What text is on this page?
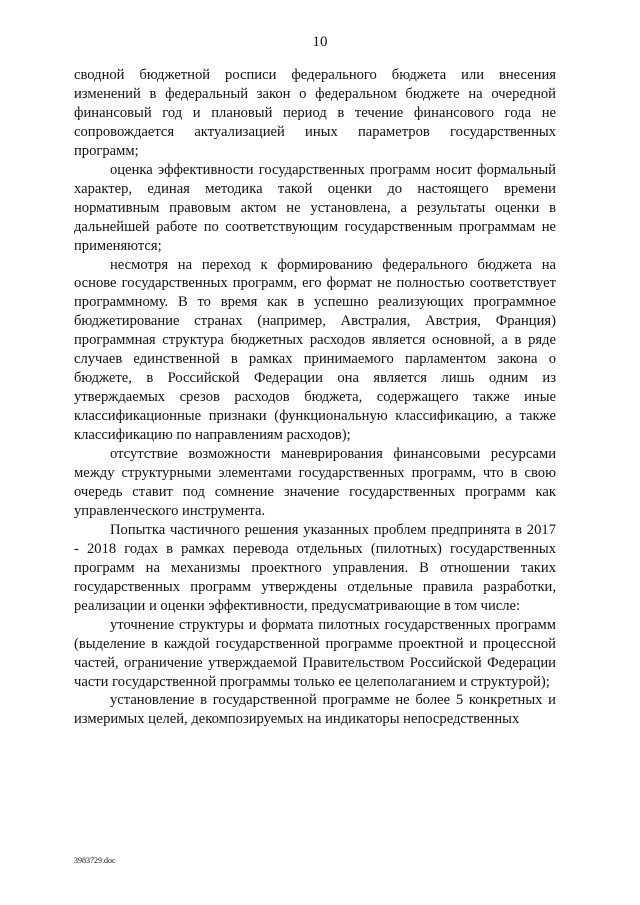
10

сводной бюджетной росписи федерального бюджета или внесения изменений в федеральный закон о федеральном бюджете на очередной финансовый год и плановый период в течение финансового года не сопровождается актуализацией иных параметров государственных программ;

оценка эффективности государственных программ носит формальный характер, единая методика такой оценки до настоящего времени нормативным правовым актом не установлена, а результаты оценки в дальнейшей работе по соответствующим государственным программам не применяются;

несмотря на переход к формированию федерального бюджета на основе государственных программ, его формат не полностью соответствует программному. В то время как в успешно реализующих программное бюджетирование странах (например, Австралия, Австрия, Франция) программная структура бюджетных расходов является основной, а в ряде случаев единственной в рамках принимаемого парламентом закона о бюджете, в Российской Федерации она является лишь одним из утверждаемых срезов расходов бюджета, содержащего также иные классификационные признаки (функциональную классификацию, а также классификацию по направлениям расходов);

отсутствие возможности маневрирования финансовыми ресурсами между структурными элементами государственных программ, что в свою очередь ставит под сомнение значение государственных программ как управленческого инструмента.

Попытка частичного решения указанных проблем предпринята в 2017 - 2018 годах в рамках перевода отдельных (пилотных) государственных программ на механизмы проектного управления. В отношении таких государственных программ утверждены отдельные правила разработки, реализации и оценки эффективности, предусматривающие в том числе:

уточнение структуры и формата пилотных государственных программ (выделение в каждой государственной программе проектной и процессной частей, ограничение утверждаемой Правительством Российской Федерации части государственной программы только ее целеполаганием и структурой);

установление в государственной программе не более 5 конкретных и измеримых целей, декомпозируемых на индикаторы непосредственных

3983729.doc
